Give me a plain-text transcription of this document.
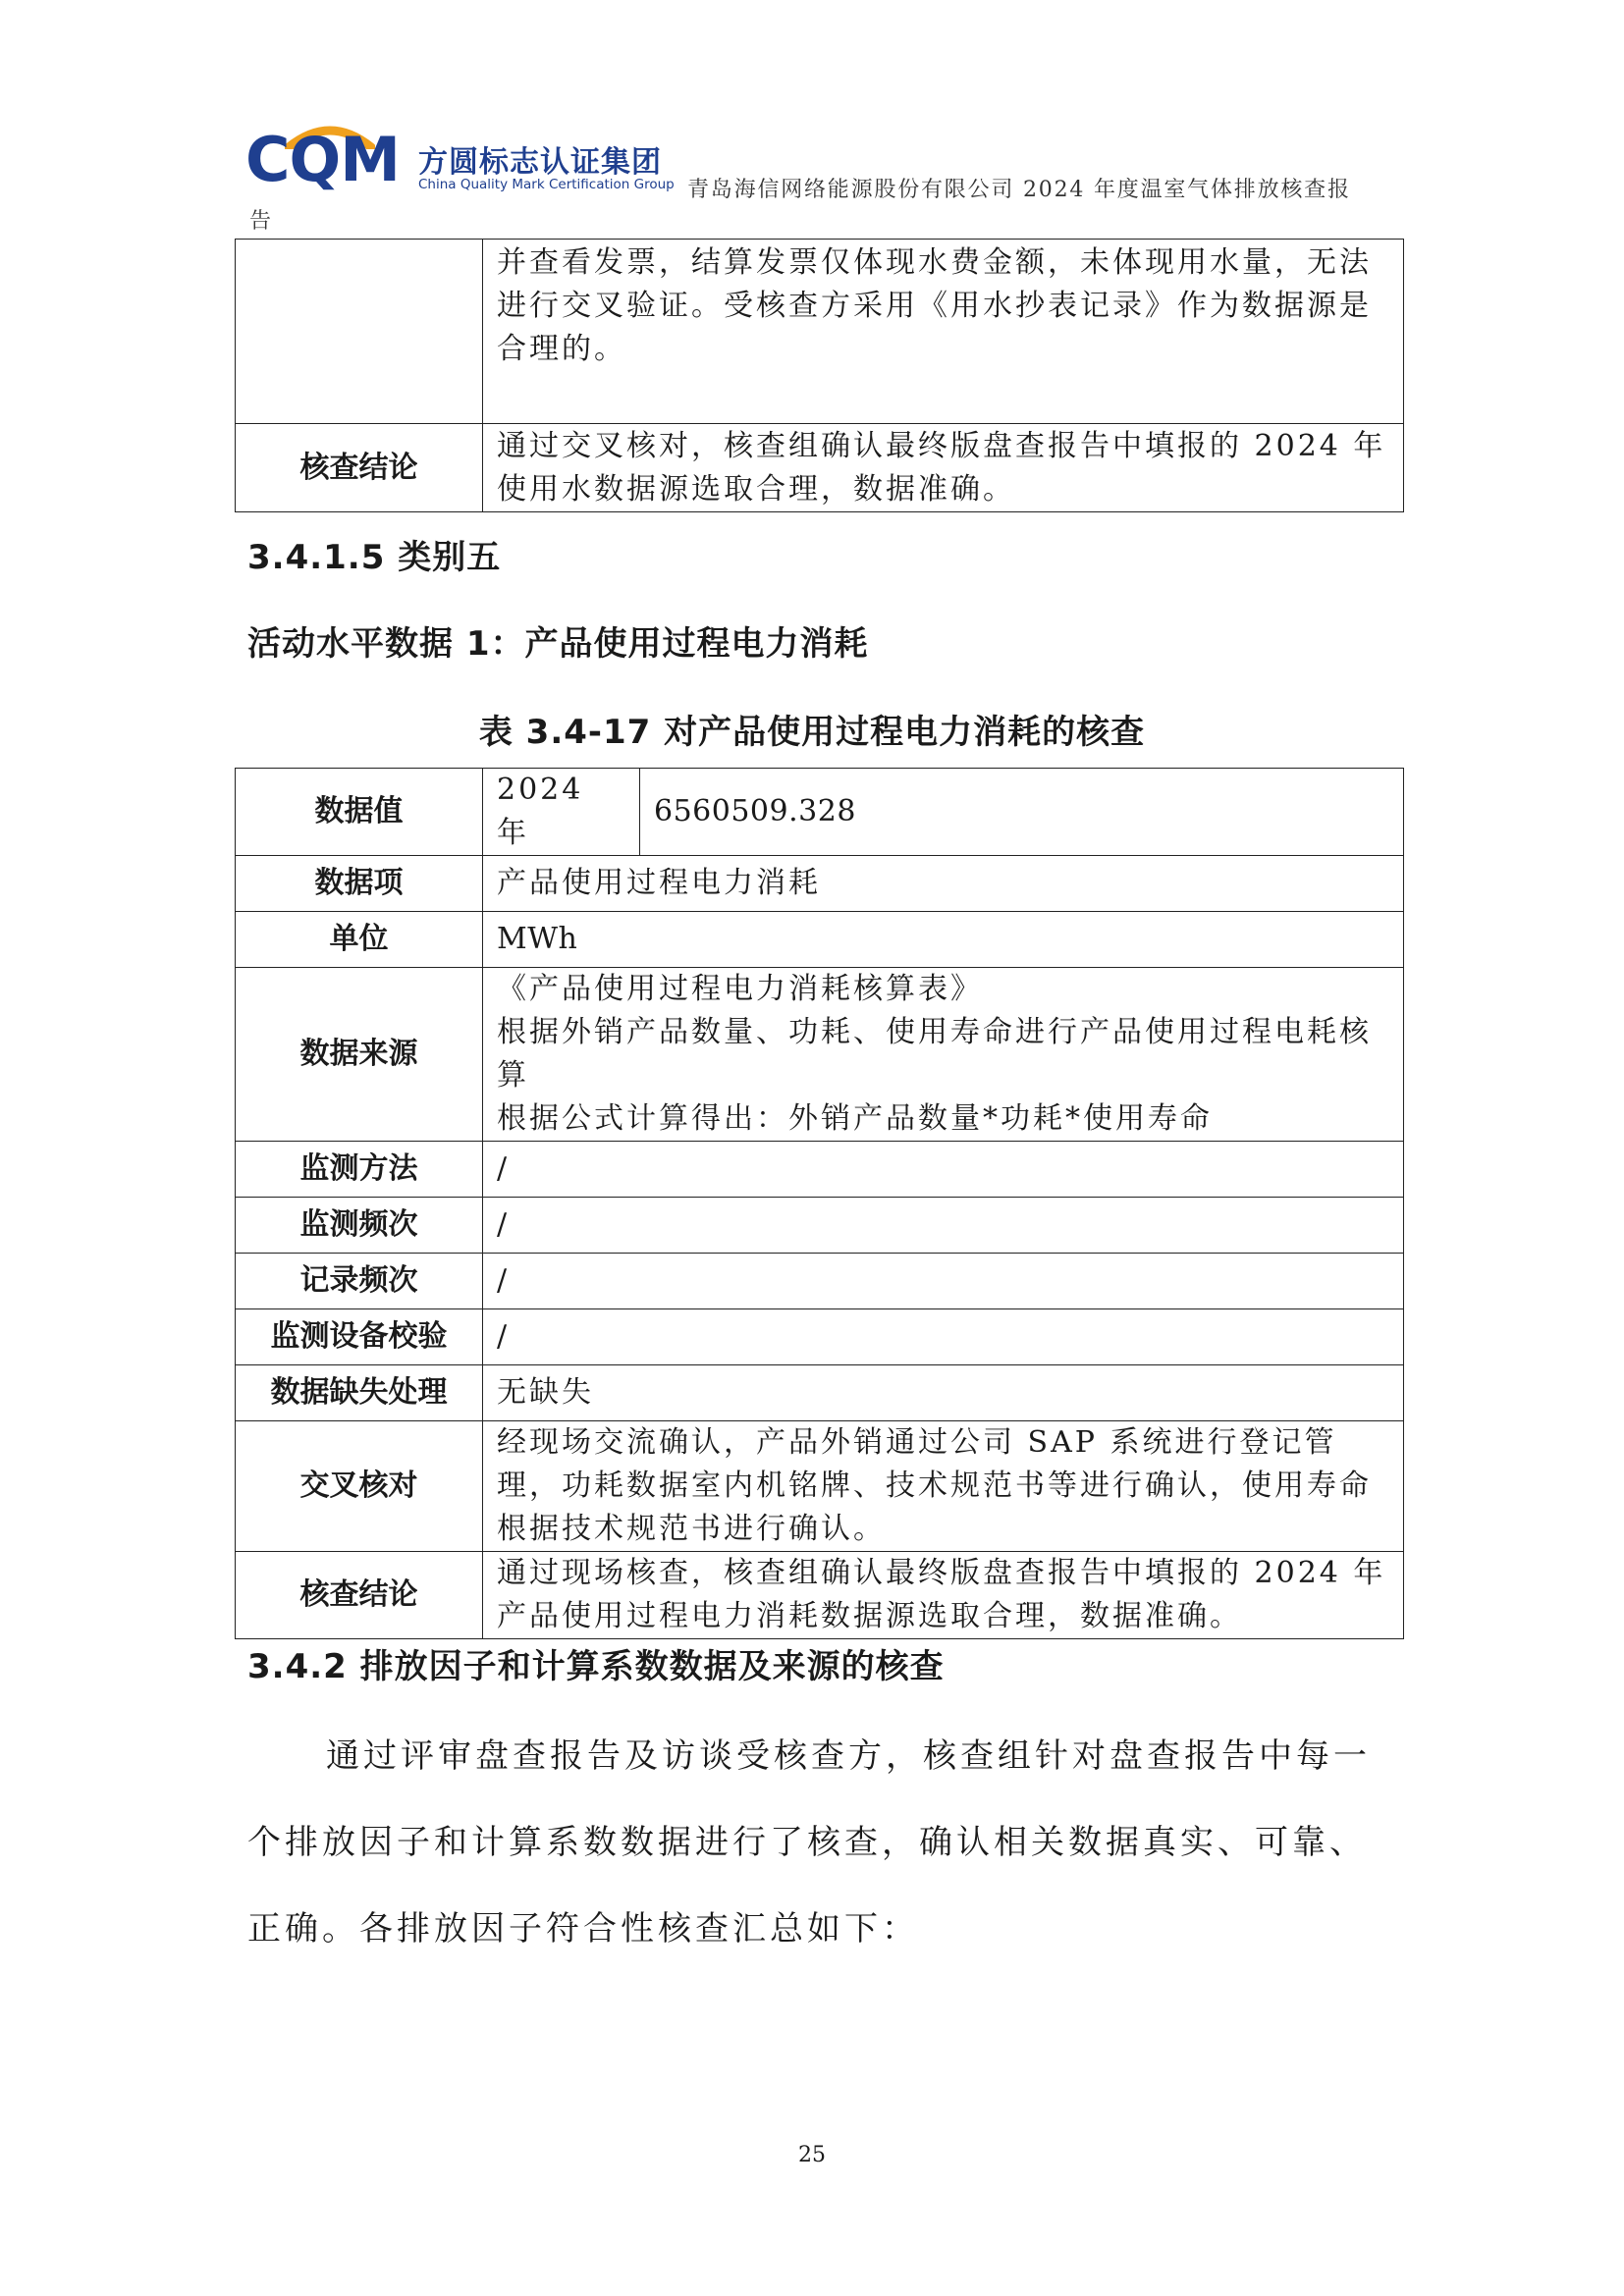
CQM 方圆标志认证集团
China Quality Mark Certification Group 青岛海信网络能源股份有限公司 2024 年度温室气体排放核查报
告
	并查看发票，结算发票仅体现水费金额，未体现用水量，无法进行交叉验证。受核查方采用《用水抄表记录》作为数据源是合理的。
核查结论	通过交叉核对，核查组确认最终版盘查报告中填报的 2024 年使用水数据源选取合理，数据准确。
3.4.1.5 类别五
活动水平数据 1：产品使用过程电力消耗
表 3.4-17 对产品使用过程电力消耗的核查
数据值	2024 年	6560509.328
数据项	产品使用过程电力消耗	
单位	MWh	
数据来源	《产品使用过程电力消耗核算表》
根据外销产品数量、功耗、使用寿命进行产品使用过程电耗核算
根据公式计算得出：外销产品数量*功耗*使用寿命	

监测方法	/	
监测频次	/	
记录频次	/	
监测设备校验	/	
数据缺失处理	无缺失	
交叉核对	经现场交流确认，产品外销通过公司 SAP 系统进行登记管理，功耗数据室内机铭牌、技术规范书等进行确认，使用寿命根据技术规范书进行确认。	
核查结论	通过现场核查，核查组确认最终版盘查报告中填报的 2024 年产品使用过程电力消耗数据源选取合理，数据准确。	
3.4.2 排放因子和计算系数数据及来源的核查
通过评审盘查报告及访谈受核查方，核查组针对盘查报告中每一个排放因子和计算系数数据进行了核查，确认相关数据真实、可靠、正确。各排放因子符合性核查汇总如下：
25
